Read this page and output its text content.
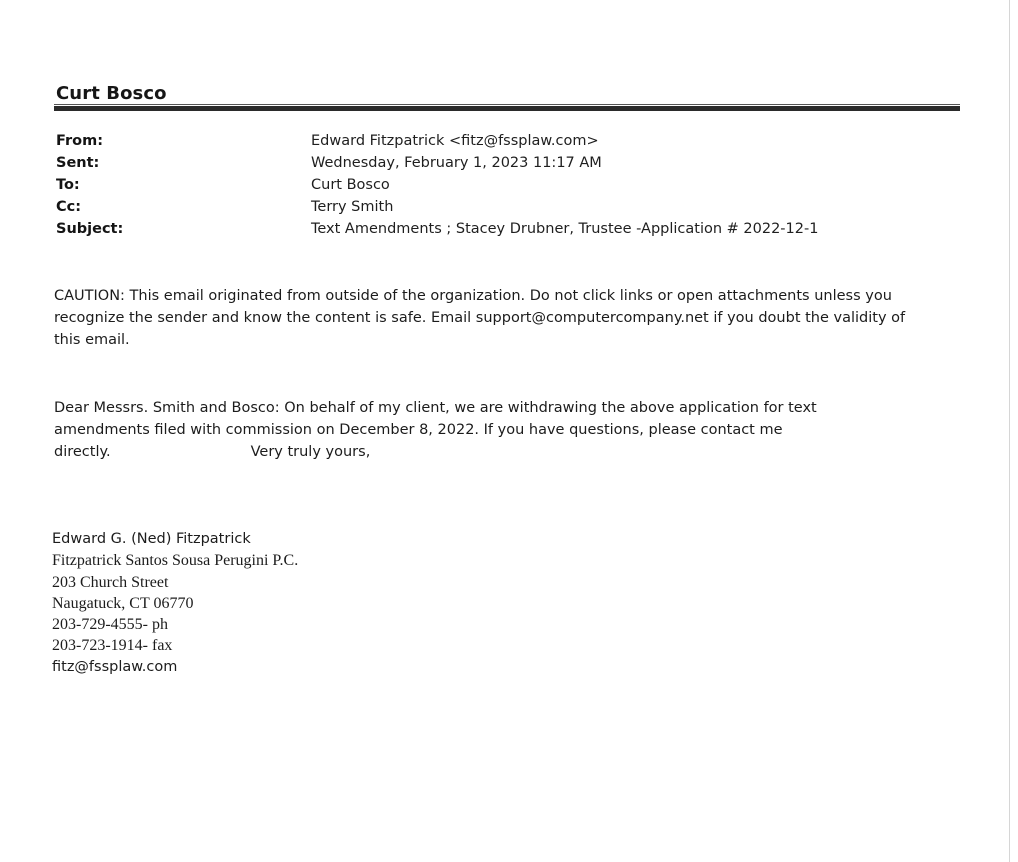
Curt Bosco
From:	Edward Fitzpatrick <fitz@fssplaw.com>
Sent:	Wednesday, February 1, 2023 11:17 AM
To:	Curt Bosco
Cc:	Terry Smith
Subject:	Text Amendments ; Stacey Drubner, Trustee -Application # 2022-12-1
CAUTION: This email originated from outside of the organization. Do not click links or open attachments unless you recognize the sender and know the content is safe. Email support@computercompany.net if you doubt the validity of this email.
Dear Messrs. Smith and Bosco: On behalf of my client, we are withdrawing the above application for text
amendments filed with commission on December 8, 2022. If you have questions, please contact me
directly.	Very truly yours,
Edward G. (Ned) Fitzpatrick
Fitzpatrick Santos Sousa Perugini P.C.
203 Church Street
Naugatuck, CT 06770
203-729-4555- ph
203-723-1914- fax
fitz@fssplaw.com
